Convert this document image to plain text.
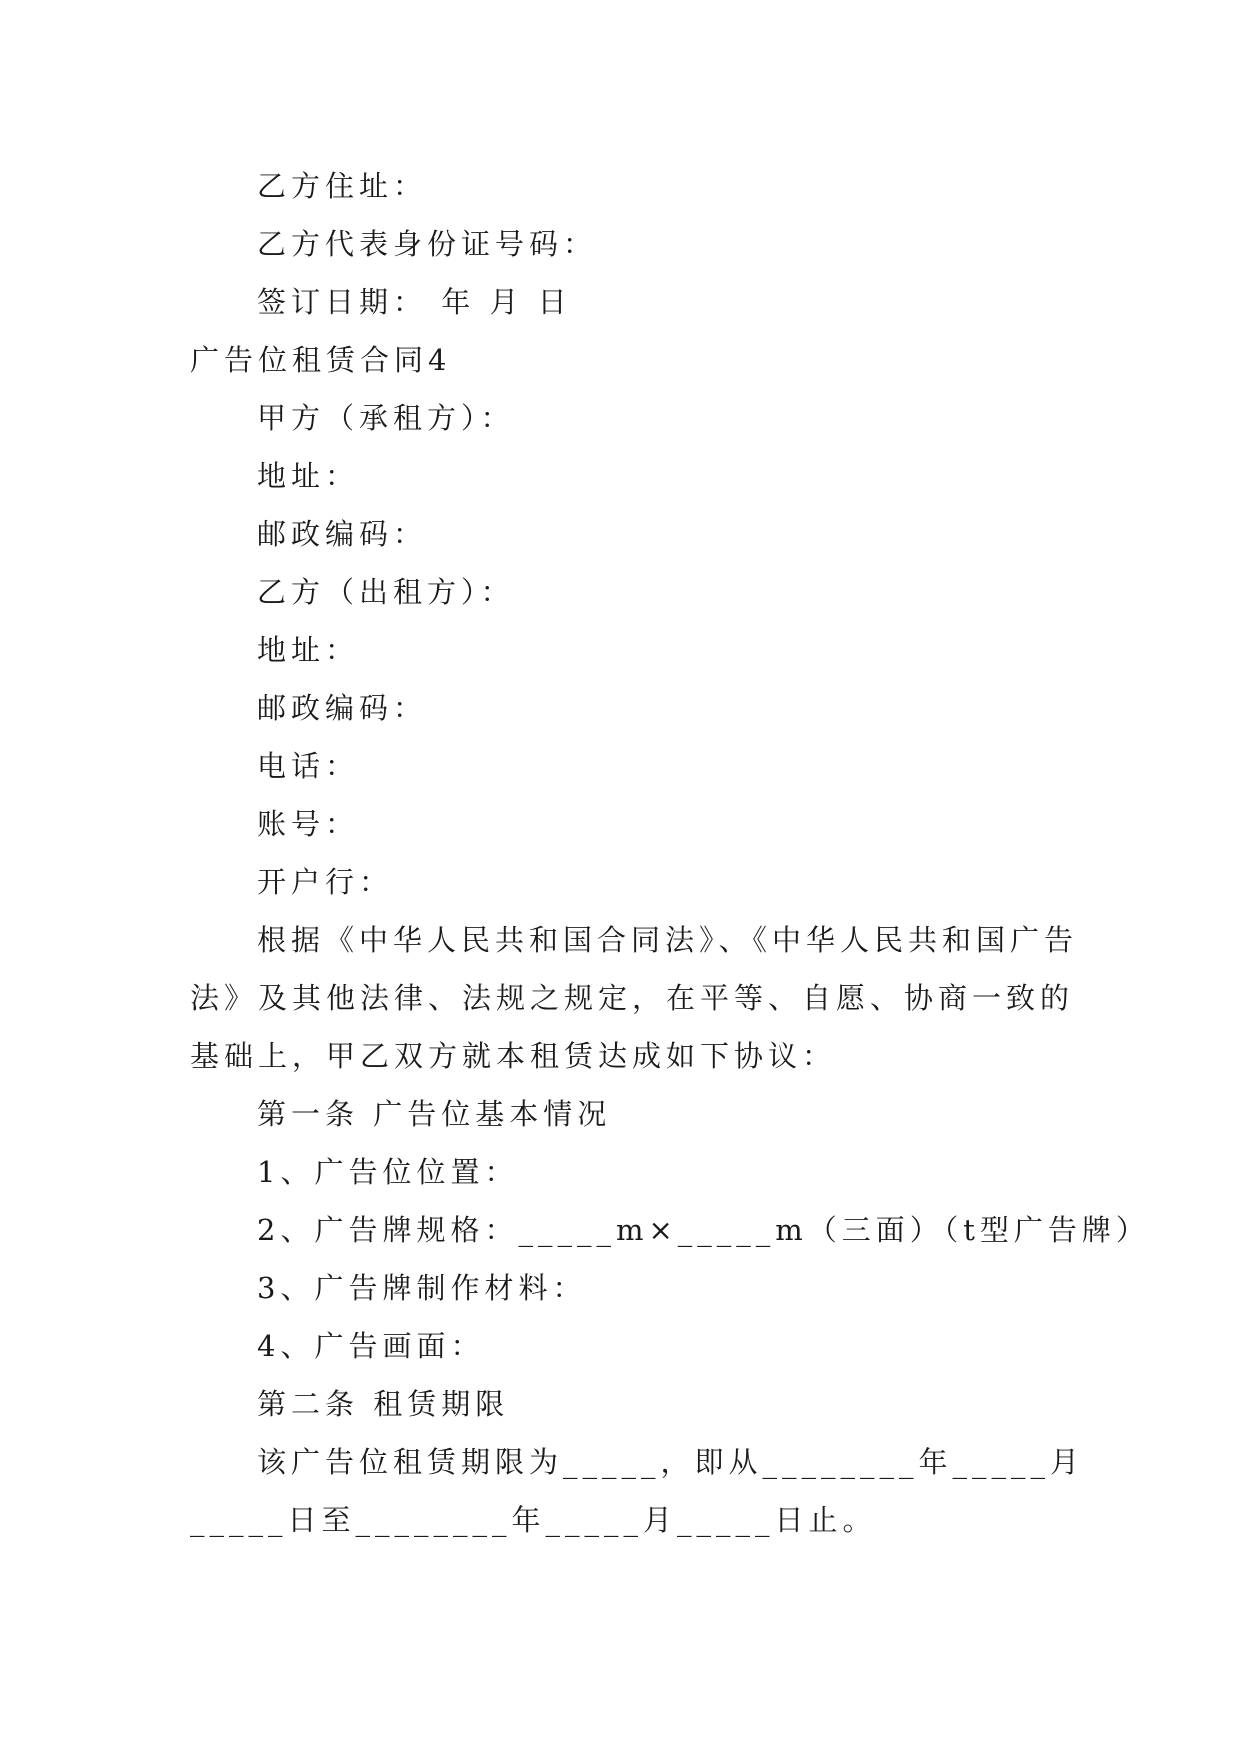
乙方住址：
乙方代表身份证号码：
签订日期： 年 月 日
广告位租赁合同4
甲方（承租方）：
地址：
邮政编码：
乙方（出租方）：
地址：
邮政编码：
电话：
账号：
开户行：
根据《中华人民共和国合同法》、《中华人民共和国广告
法》及其他法律、法规之规定，在平等、自愿、协商一致的
基础上，甲乙双方就本租赁达成如下协议：
第一条 广告位基本情况
1、广告位位置：
2、广告牌规格：_____m×_____m（三面）（t型广告牌）
3、广告牌制作材料：
4、广告画面：
第二条 租赁期限
该广告位租赁期限为_____，即从________年_____月
_____日至________年_____月_____日止。
